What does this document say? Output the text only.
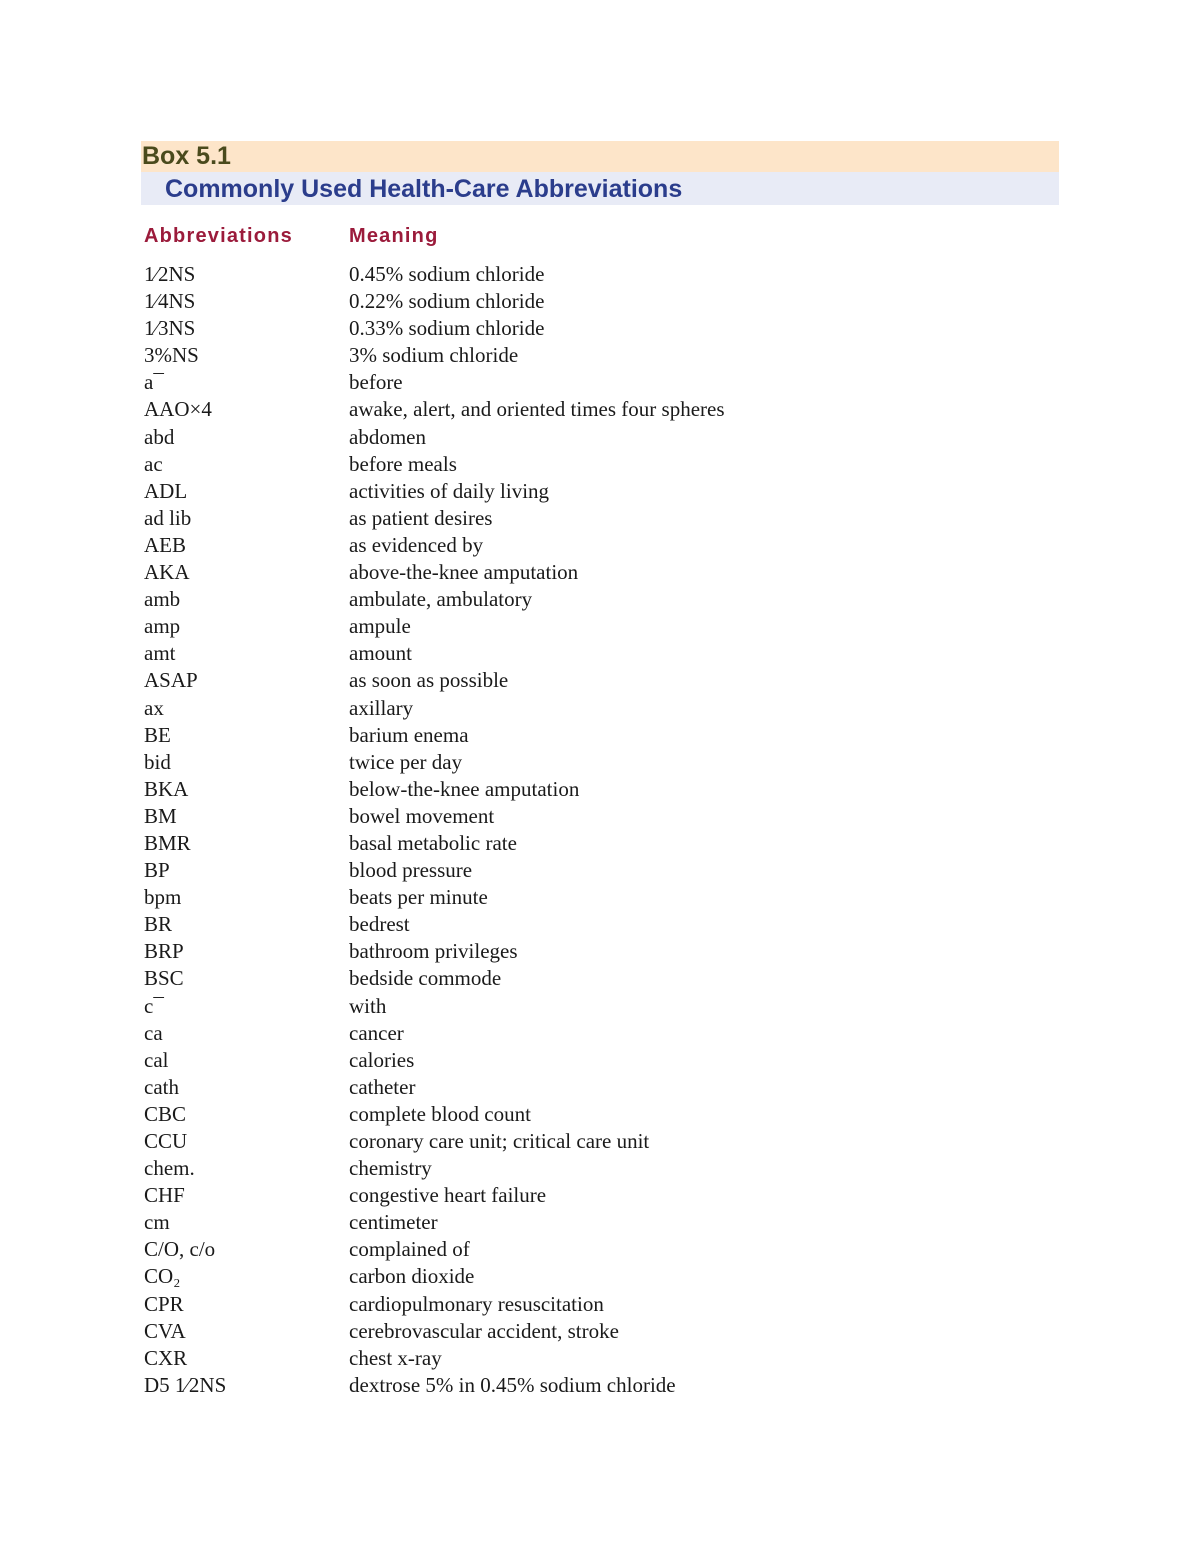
Box 5.1
Commonly Used Health-Care Abbreviations
Abbreviations	Meaning
1⁄2NS	0.45% sodium chloride
1⁄4NS	0.22% sodium chloride
1⁄3NS	0.33% sodium chloride
3%NS	3% sodium chloride
a¯	before
AAO×4	awake, alert, and oriented times four spheres
abd	abdomen
ac	before meals
ADL	activities of daily living
ad lib	as patient desires
AEB	as evidenced by
AKA	above-the-knee amputation
amb	ambulate, ambulatory
amp	ampule
amt	amount
ASAP	as soon as possible
ax	axillary
BE	barium enema
bid	twice per day
BKA	below-the-knee amputation
BM	bowel movement
BMR	basal metabolic rate
BP	blood pressure
bpm	beats per minute
BR	bedrest
BRP	bathroom privileges
BSC	bedside commode
c¯	with
ca	cancer
cal	calories
cath	catheter
CBC	complete blood count
CCU	coronary care unit; critical care unit
chem.	chemistry
CHF	congestive heart failure
cm	centimeter
C/O, c/o	complained of
CO₂	carbon dioxide
CPR	cardiopulmonary resuscitation
CVA	cerebrovascular accident, stroke
CXR	chest x-ray
D5 1⁄2NS	dextrose 5% in 0.45% sodium chloride
